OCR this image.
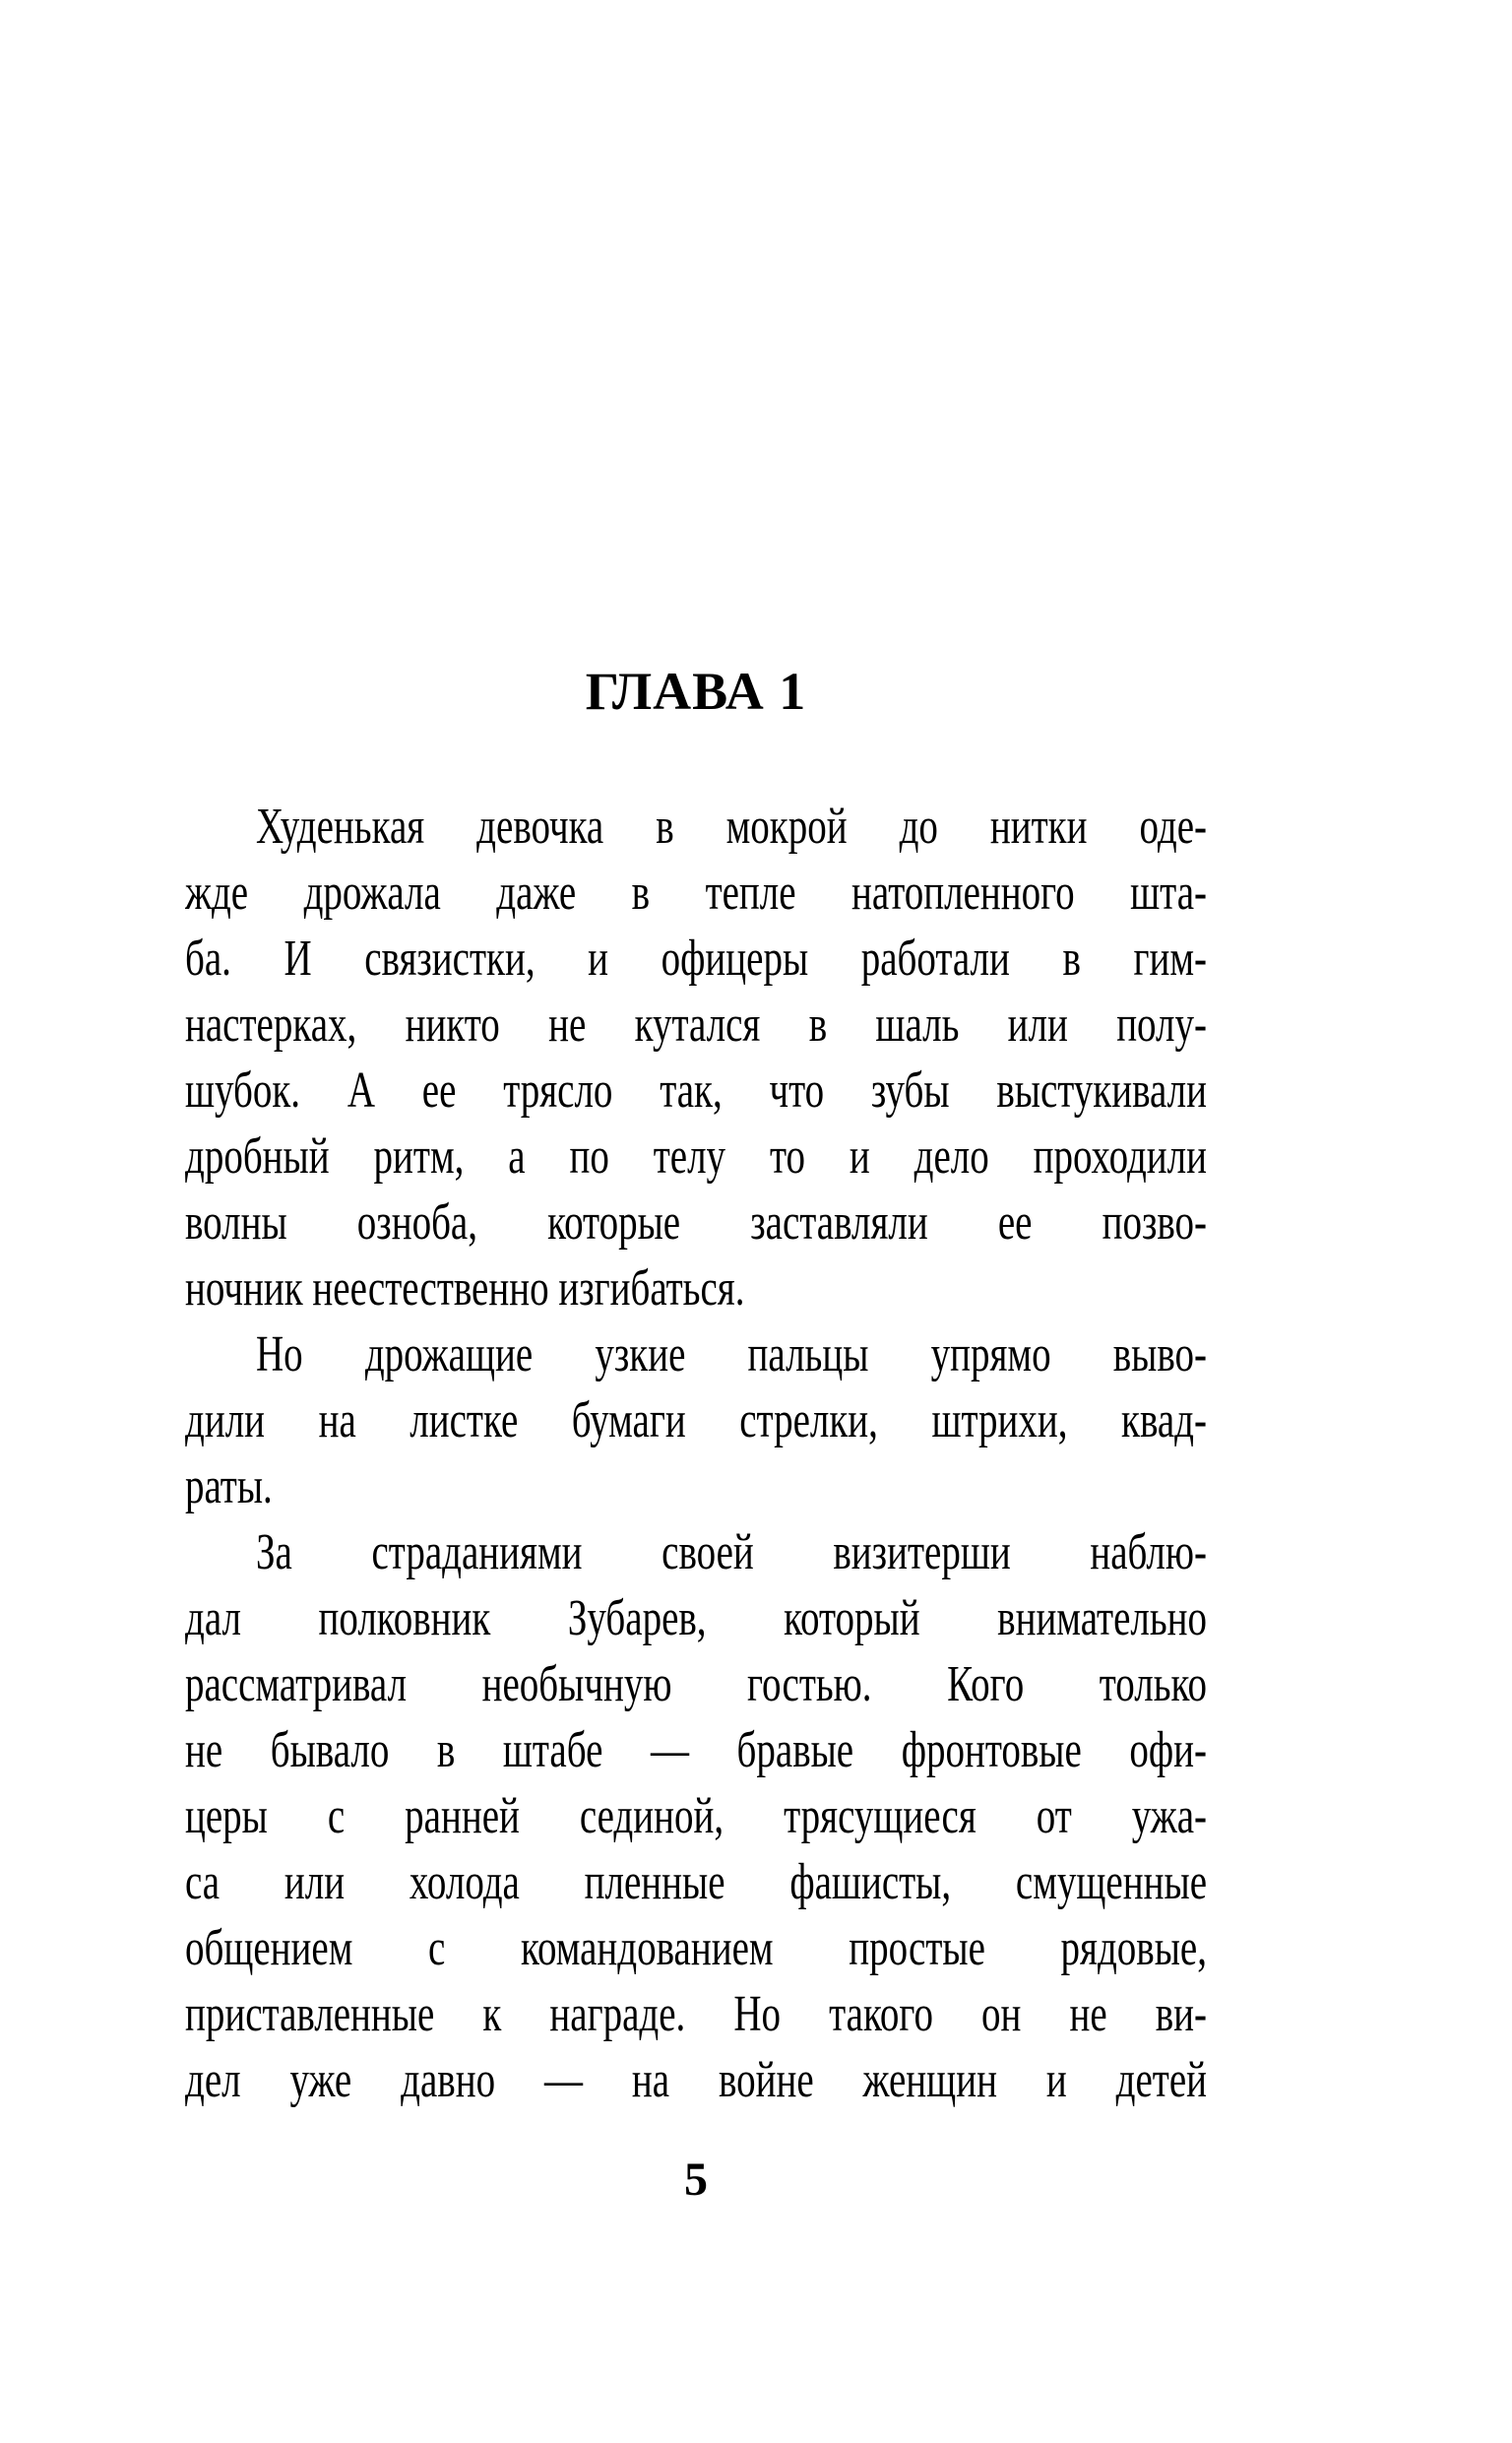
ГЛАВА 1
Худенькая девочка в мокрой до нитки оде-
жде дрожала даже в тепле натопленного шта-
ба. И связистки, и офицеры работали в гим-
настерках, никто не кутался в шаль или полу-
шубок. А ее трясло так, что зубы выстукивали
дробный ритм, а по телу то и дело проходили
волны озноба, которые заставляли ее позво-
ночник неестественно изгибаться.
Но дрожащие узкие пальцы упрямо выво-
дили на листке бумаги стрелки, штрихи, квад-
раты.
За страданиями своей визитерши наблю-
дал полковник Зубарев, который внимательно
рассматривал необычную гостью. Кого только
не бывало в штабе — бравые фронтовые офи-
церы с ранней сединой, трясущиеся от ужа-
са или холода пленные фашисты, смущенные
общением с командованием простые рядовые,
приставленные к награде. Но такого он не ви-
дел уже давно — на войне женщин и детей
5
